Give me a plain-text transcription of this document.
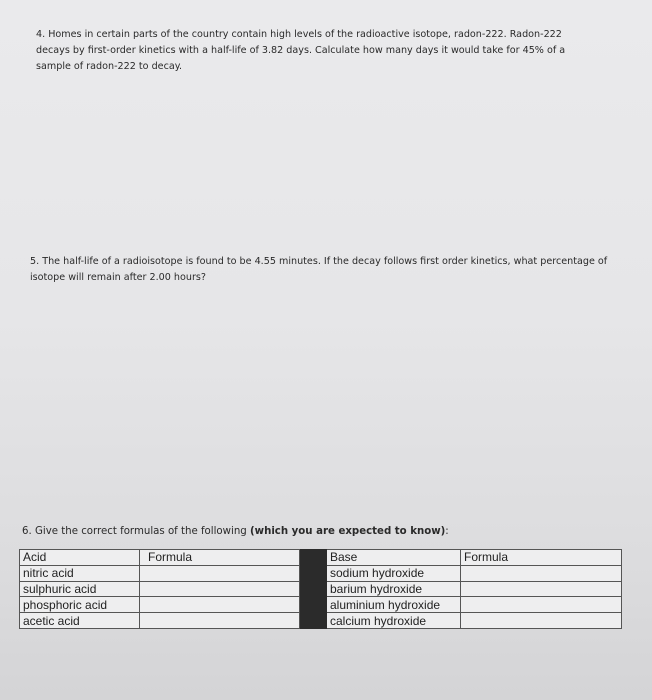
4. Homes in certain parts of the country contain high levels of the radioactive isotope, radon-222. Radon-222 decays by first-order kinetics with a half-life of 3.82 days. Calculate how many days it would take for 45% of a sample of radon-222 to decay.

5. The half-life of a radioisotope is found to be 4.55 minutes. If the decay follows first order kinetics, what percentage of isotope will remain after 2.00 hours?

6. Give the correct formulas of the following (which you are expected to know):

Acid	Formula		Base	Formula
nitric acid			sodium hydroxide	
sulphuric acid			barium hydroxide	
phosphoric acid			aluminium hydroxide	
acetic acid			calcium hydroxide	
